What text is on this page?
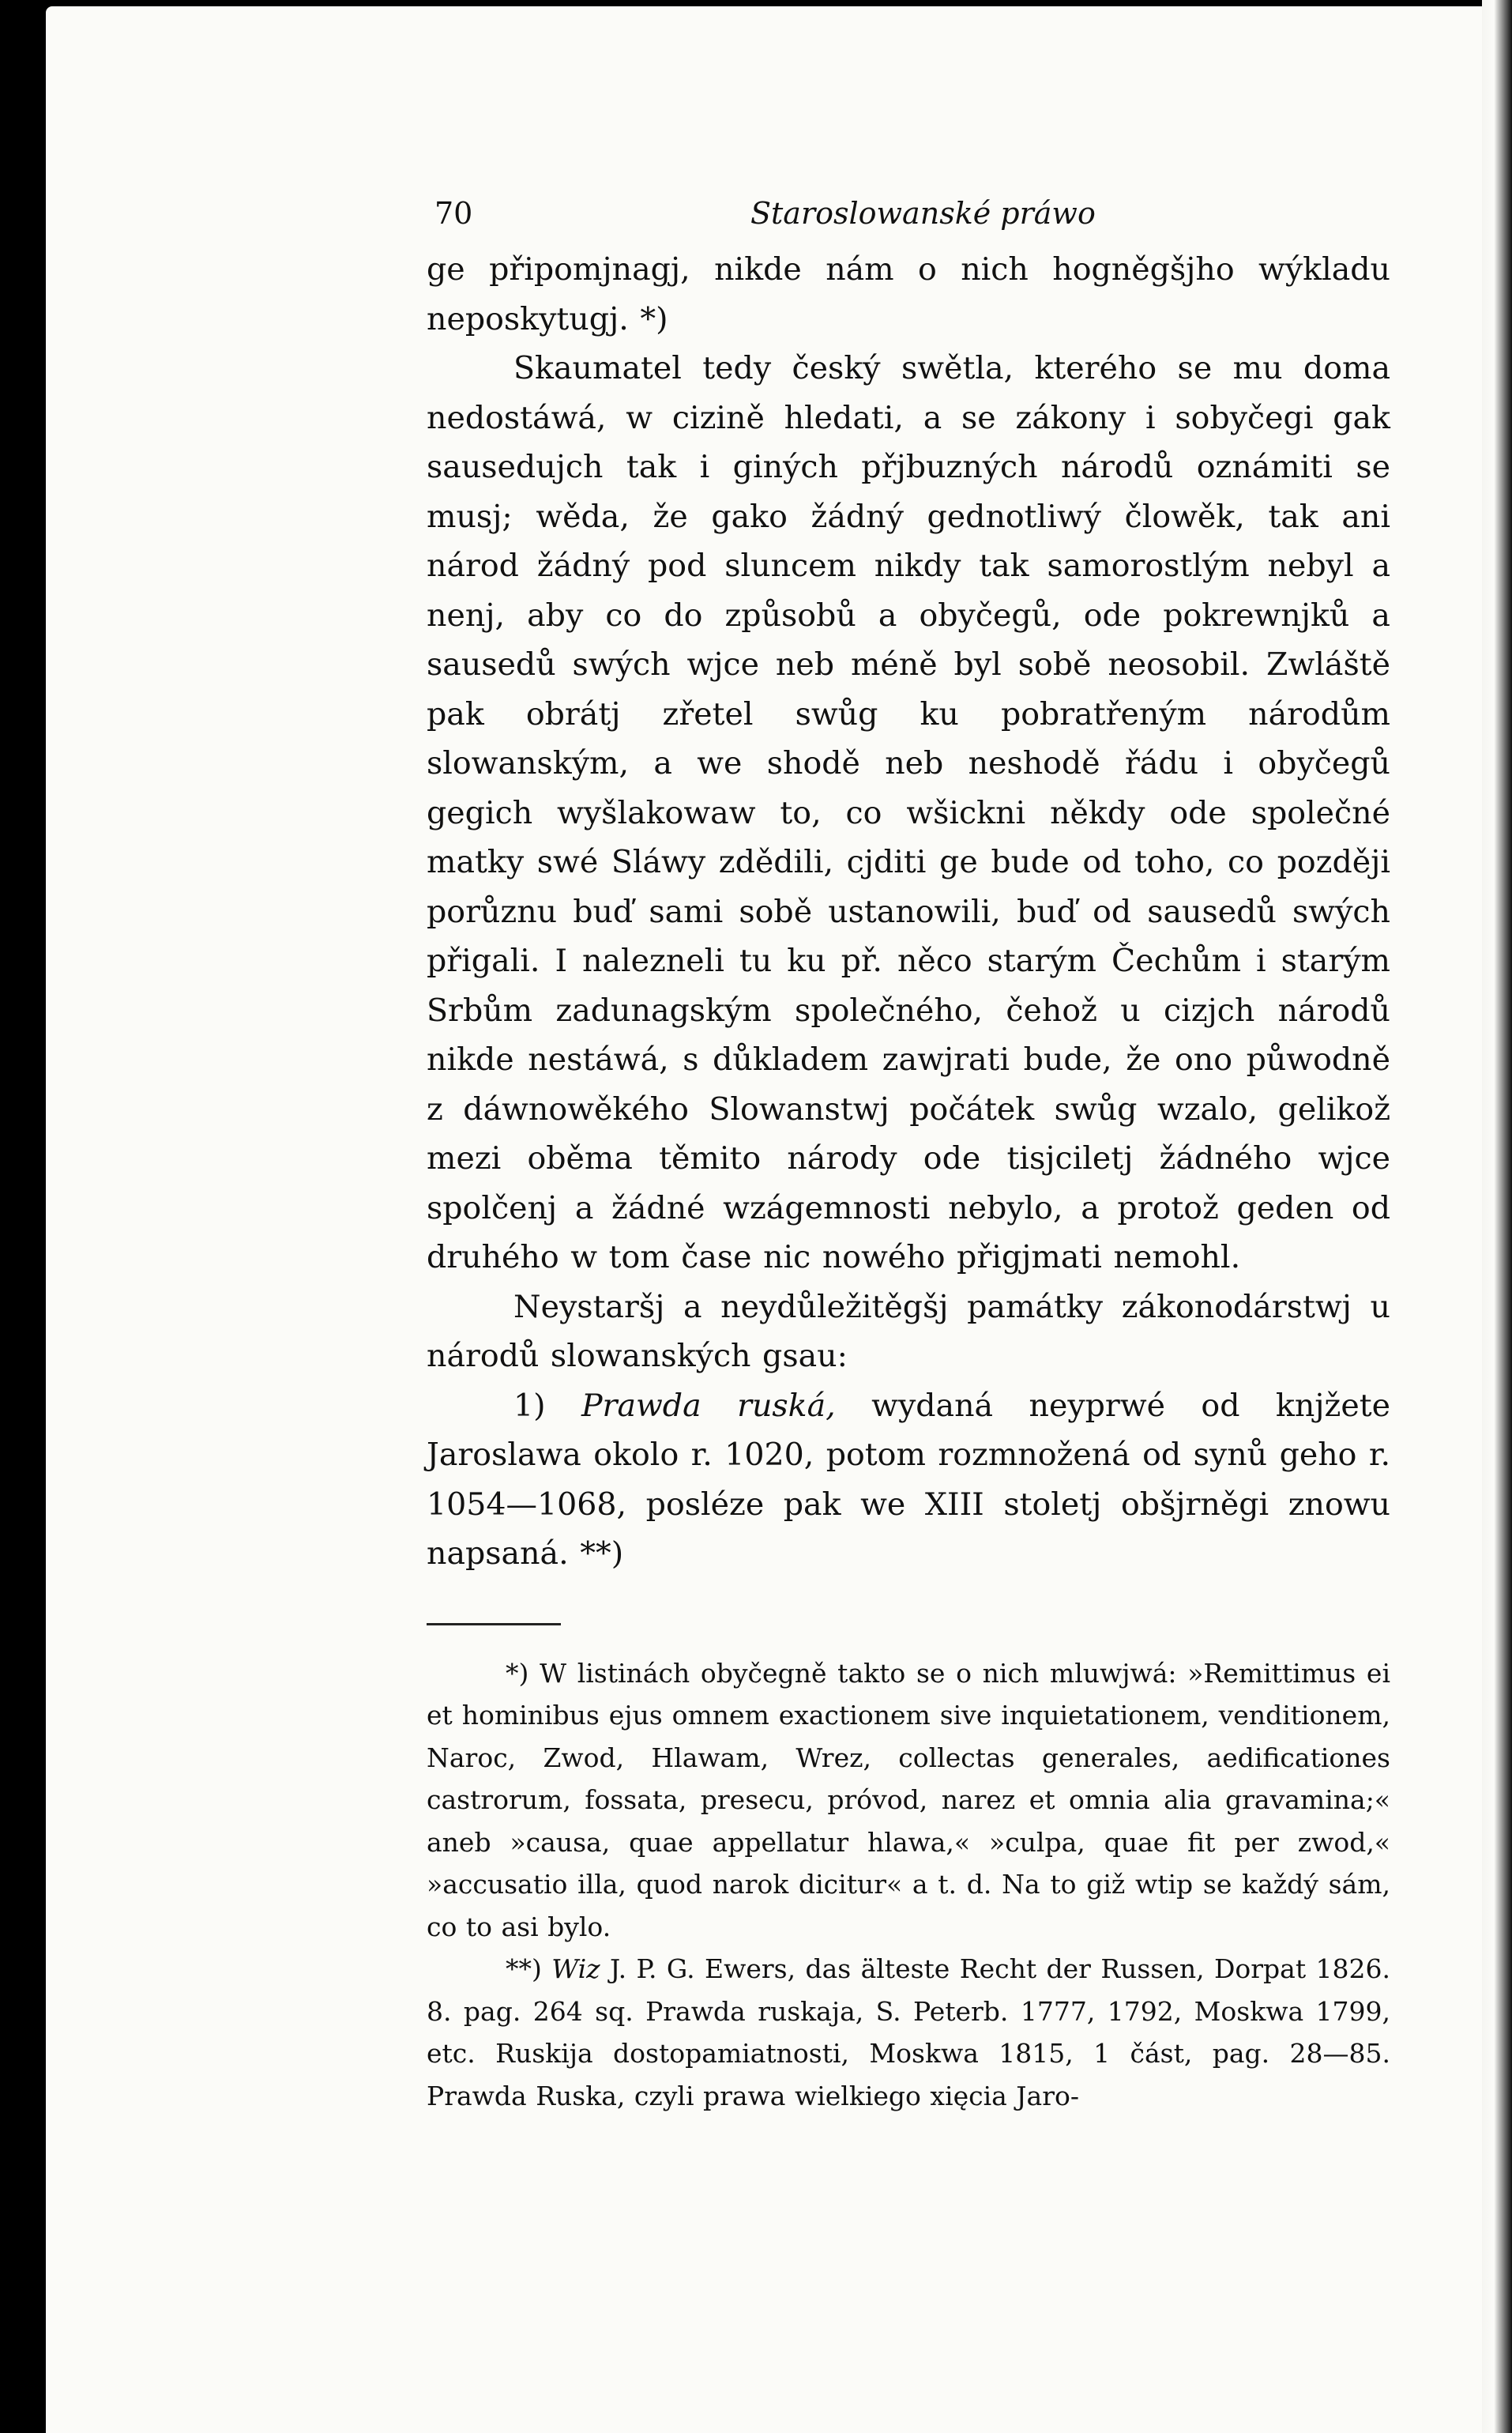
70	Staroslowanské práwo

ge připomjnagj, nikde nám o nich hogněgšjho wýkladu neposkytugj. *)

Skaumatel tedy český swětla, kterého se mu doma nedostáwá, w cizině hledati, a se zákony i sobyčegi gak sausedujch tak i giných přjbuzných národů oznámiti se musj; wěda, že gako žádný gednotliwý člowěk, tak ani národ žádný pod sluncem nikdy tak samorostlým nebyl a nenj, aby co do způsobů a obyčegů, ode pokrewnjků a sausedů swých wjce neb méně byl sobě neosobil. Zwláště pak obrátj zřetel swůg ku pobratřeným národům slowanským, a we shodě neb neshodě řádu i obyčegů gegich wyšlakowaw to, co wšickni někdy ode společné matky swé Sláwy zdědili, cjditi ge bude od toho, co později porůznu buď sami sobě ustanowili, buď od sausedů swých přigali. I nalezneli tu ku př. něco starým Čechům i starým Srbům zadunagským společného, čehož u cizjch národů nikde nestáwá, s důkladem zawjrati bude, že ono půwodně z dáwnowěkého Slowanstwj počátek swůg wzalo, gelikož mezi oběma těmito národy ode tisjciletj žádného wjce spolčenj a žádné wzágemnosti nebylo, a protož geden od druhého w tom čase nic nowého přigjmati nemohl.

Neystaršj a neydůležitěgšj památky zákonodárstwj u národů slowanských gsau:

1) Prawda ruská, wydaná neyprwé od knjžete Jaroslawa okolo r. 1020, potom rozmnožená od synů geho r. 1054—1068, posléze pak we XIII stoletj obšjrněgi znowu napsaná. **)

*) W listinách obyčegně takto se o nich mluwjwá: »Remittimus ei et hominibus ejus omnem exactionem sive inquietationem, venditionem, Naroc, Zwod, Hlawam, Wrez, collectas generales, aedificationes castrorum, fossata, presecu, próvod, narez et omnia alia gravamina;« aneb »causa, quae appellatur hlawa,« »culpa, quae fit per zwod,« »accusatio illa, quod narok dicitur« a t. d. Na to giž wtip se každý sám, co to asi bylo.

**) Wiz J. P. G. Ewers, das älteste Recht der Russen, Dorpat 1826. 8. pag. 264 sq. Prawda ruskaja, S. Peterb. 1777, 1792, Moskwa 1799, etc. Ruskija dostopamiatnosti, Moskwa 1815, 1 část, pag. 28—85. Prawda Ruska, czyli prawa wielkiego xięcia Jaro-
